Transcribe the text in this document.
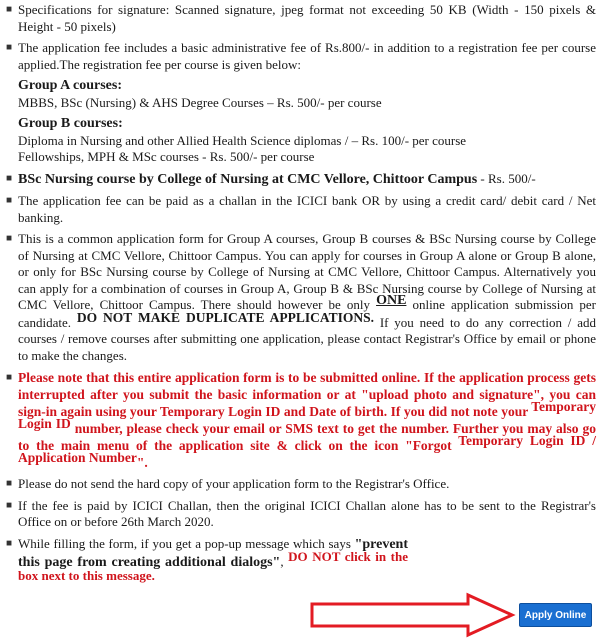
■ Specifications for signature: Scanned signature, jpeg format not exceeding 50 KB (Width - 150 pixels & Height - 50 pixels)
■ The application fee includes a basic administrative fee of Rs.800/- in addition to a registration fee per course applied.The registration fee per course is given below:
Group A courses:
MBBS, BSc (Nursing) & AHS Degree Courses – Rs. 500/- per course
Group B courses:
Diploma in Nursing and other Allied Health Science diplomas / – Rs. 100/- per course
Fellowships, MPH & MSc courses - Rs. 500/- per course
■ BSc Nursing course by College of Nursing at CMC Vellore, Chittoor Campus - Rs. 500/-
■ The application fee can be paid as a challan in the ICICI bank OR by using a credit card/ debit card / Net banking.
■ This is a common application form for Group A courses, Group B courses & BSc Nursing course by College of Nursing at CMC Vellore, Chittoor Campus. You can apply for courses in Group A alone or Group B alone, or only for BSc Nursing course by College of Nursing at CMC Vellore, Chittoor Campus. Alternatively you can apply for a combination of courses in Group A, Group B & BSc Nursing course by College of Nursing at CMC Vellore, Chittoor Campus. There should however be only ONE online application submission per candidate. DO NOT MAKE DUPLICATE APPLICATIONS. If you need to do any correction / add courses / remove courses after submitting one application, please contact Registrar's Office by email or phone to make the changes.
■ Please note that this entire application form is to be submitted online. If the application process gets interrupted after you submit the basic information or at "upload photo and signature", you can sign-in again using your Temporary Login ID and Date of birth. If you did not note your Temporary Login ID number, please check your email or SMS text to get the number. Further you may also go to the main menu of the application site & click on the icon "Forgot Temporary Login ID / Application Number".
■ Please do not send the hard copy of your application form to the Registrar's Office.
■ If the fee is paid by ICICI Challan, then the original ICICI Challan alone has to be sent to the Registrar's Office on or before 26th March 2020.
■ While filling the form, if you get a pop-up message which says "prevent this page from creating additional dialogs", DO NOT click in the box next to this message.
Apply Online
